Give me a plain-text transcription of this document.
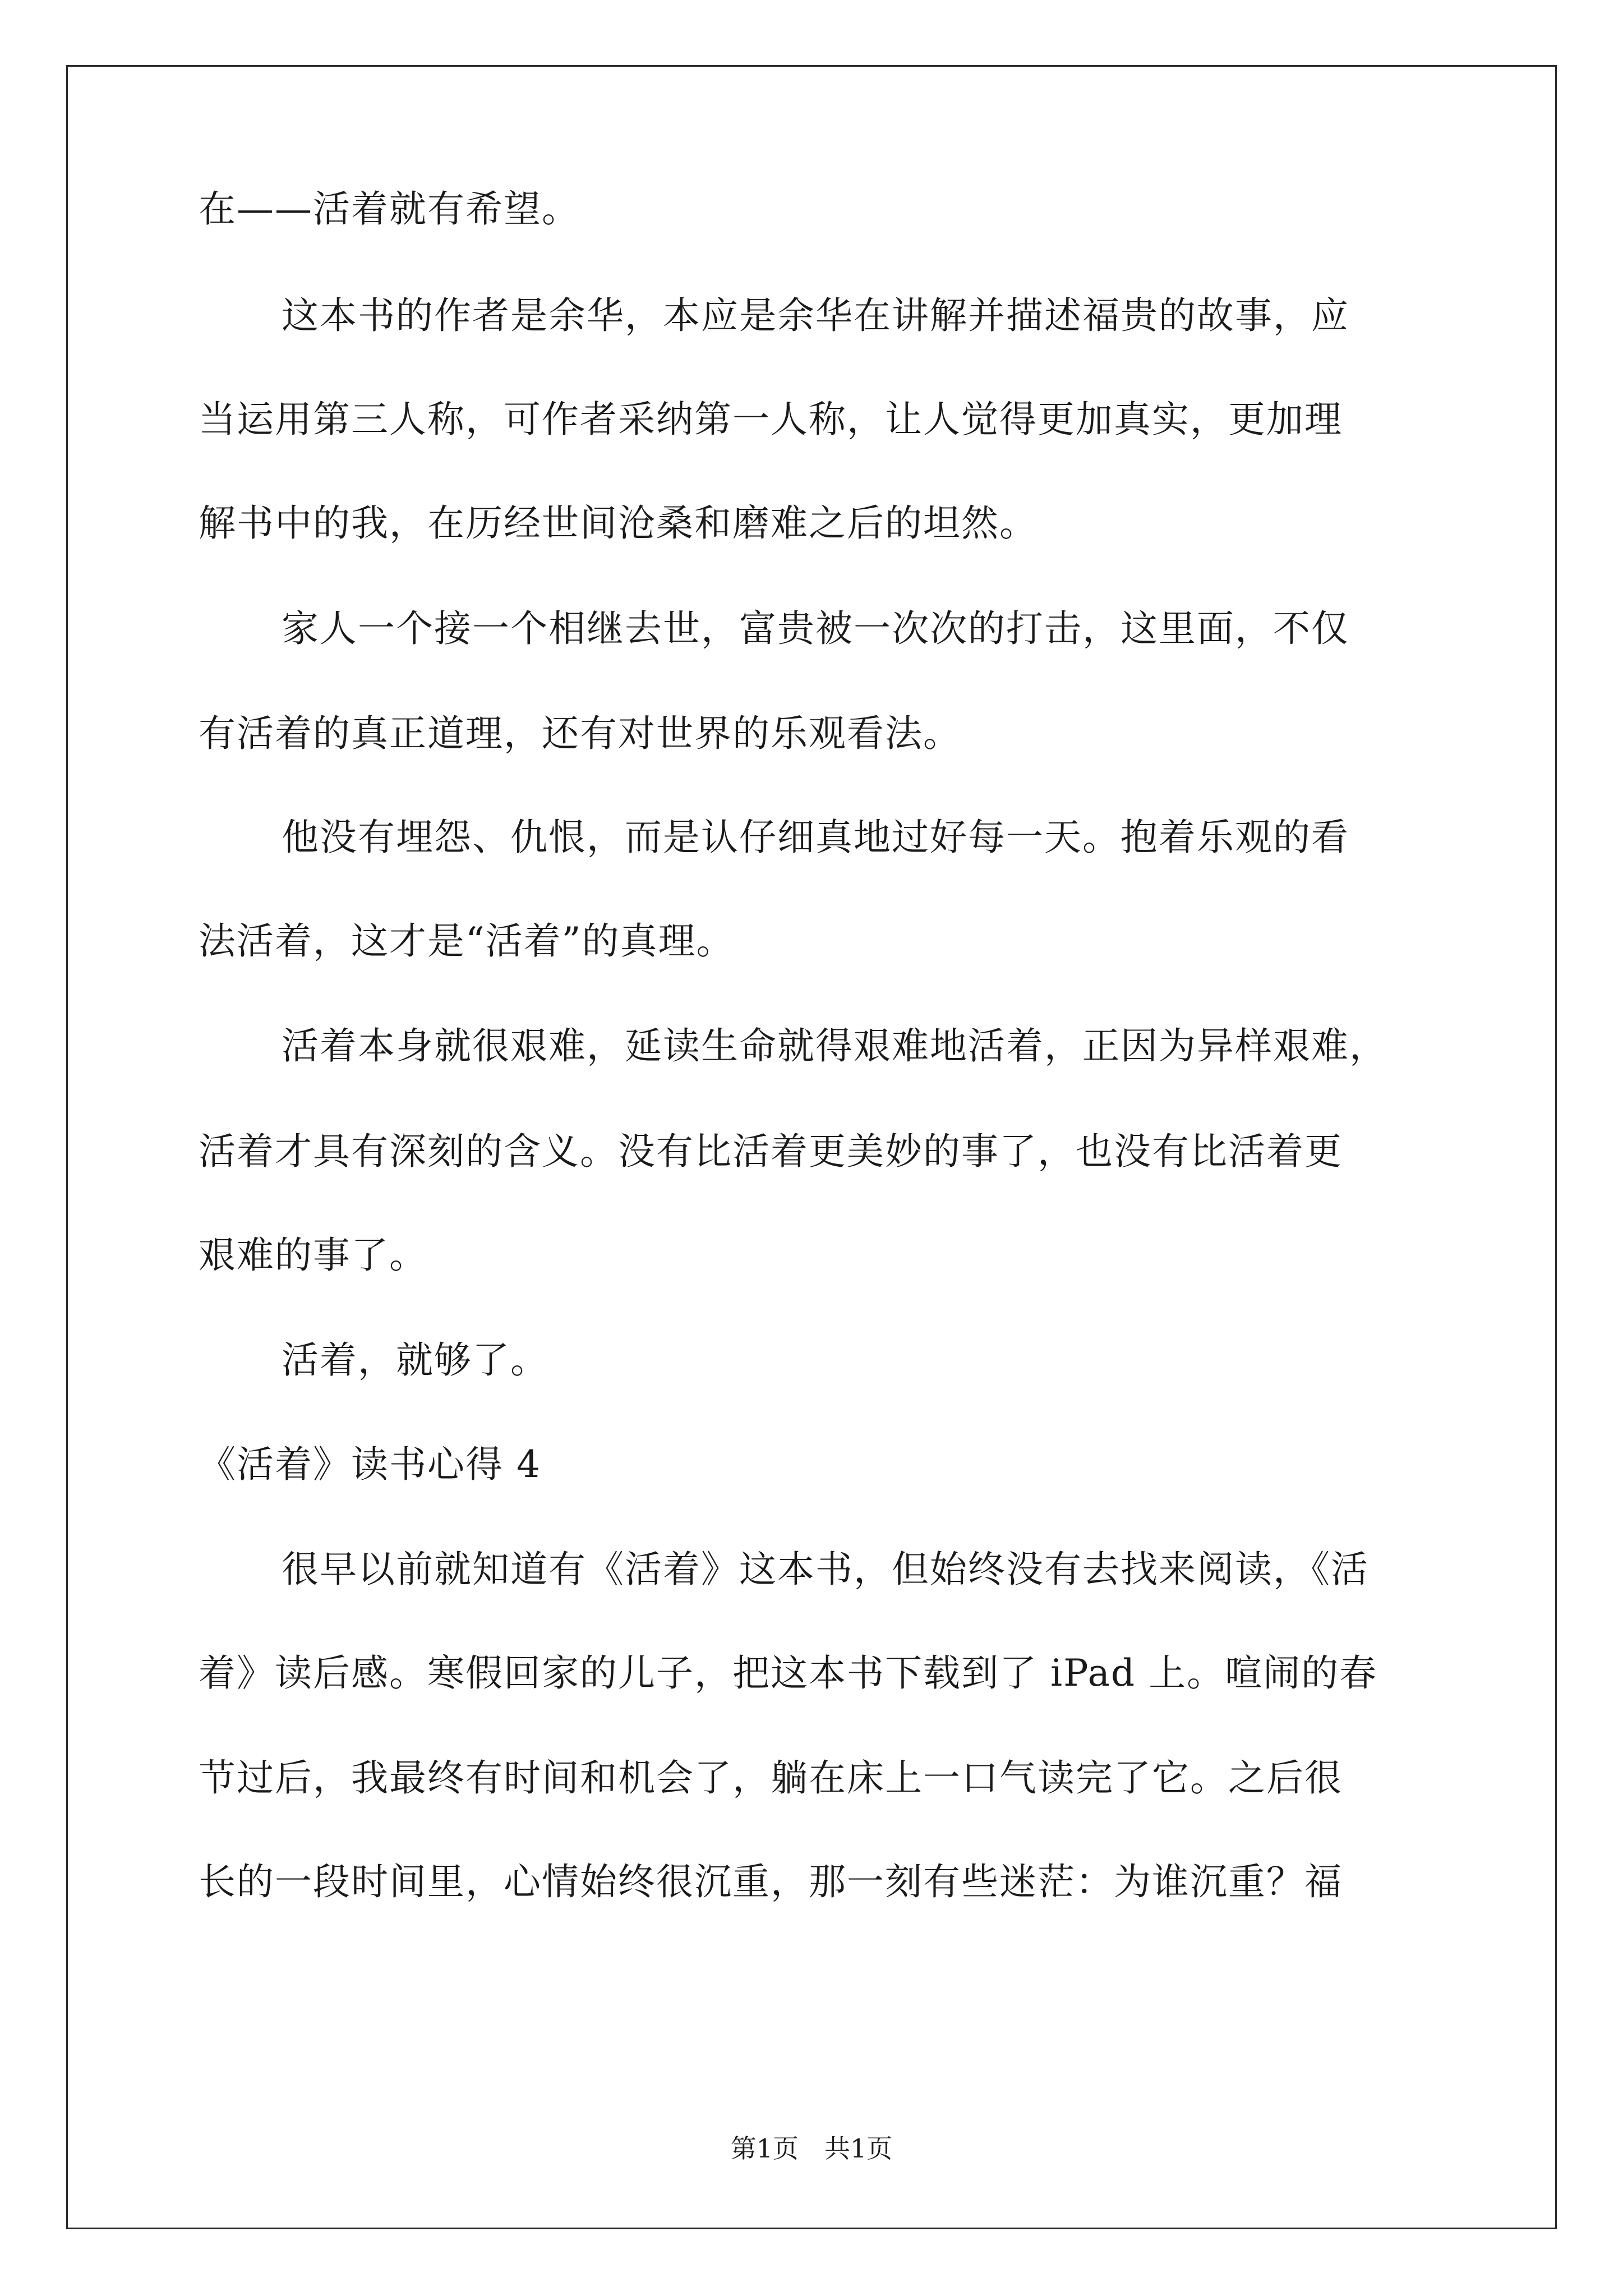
在——活着就有希望。
这本书的作者是余华，本应是余华在讲解并描述福贵的故事，应
当运用第三人称，可作者采纳第一人称，让人觉得更加真实，更加理
解书中的我，在历经世间沧桑和磨难之后的坦然。
家人一个接一个相继去世，富贵被一次次的打击，这里面，不仅
有活着的真正道理，还有对世界的乐观看法。
他没有埋怨、仇恨，而是认仔细真地过好每一天。抱着乐观的看
法活着，这才是“活着”的真理。
活着本身就很艰难，延读生命就得艰难地活着，正因为异样艰难，
活着才具有深刻的含义。没有比活着更美妙的事了，也没有比活着更
艰难的事了。
活着，就够了。
《活着》读书心得 4
很早以前就知道有《活着》这本书，但始终没有去找来阅读，《活
着》读后感。寒假回家的儿子，把这本书下载到了 iPad 上。喧闹的春
节过后，我最终有时间和机会了，躺在床上一口气读完了它。之后很
长的一段时间里，心情始终很沉重，那一刻有些迷茫：为谁沉重？福
第1页　共1页
